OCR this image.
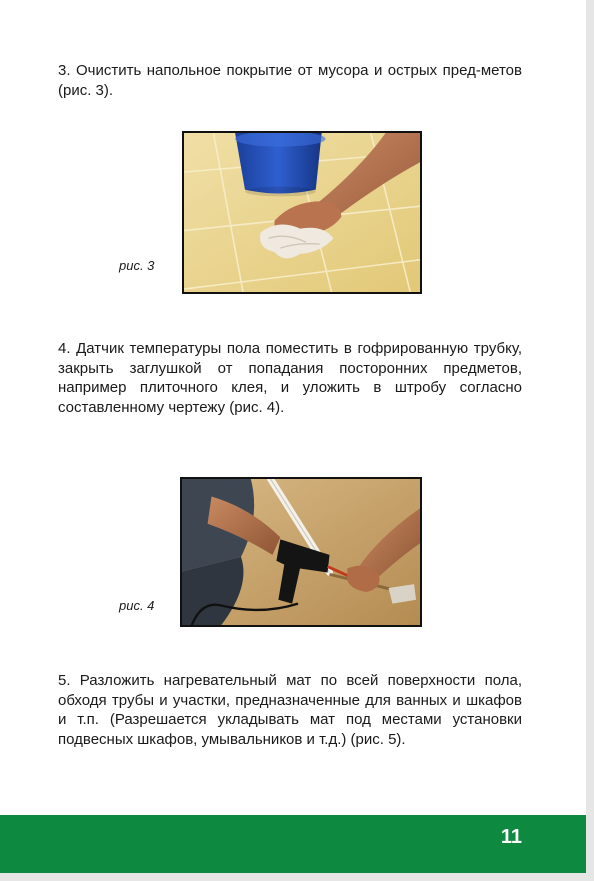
3. Очистить напольное покрытие от мусора и острых пред-метов (рис. 3).

рис. 3

4. Датчик температуры пола поместить в гофрированную трубку, закрыть заглушкой от попадания посторонних предметов, например плиточного клея, и уложить в штробу согласно составленному чертежу (рис. 4).

рис. 4

5. Разложить нагревательный мат по всей поверхности пола, обходя трубы и участки, предназначенные для ванных и шкафов и т.п. (Разрешается укладывать мат под местами установки подвесных шкафов, умывальников и т.д.) (рис. 5).

11
